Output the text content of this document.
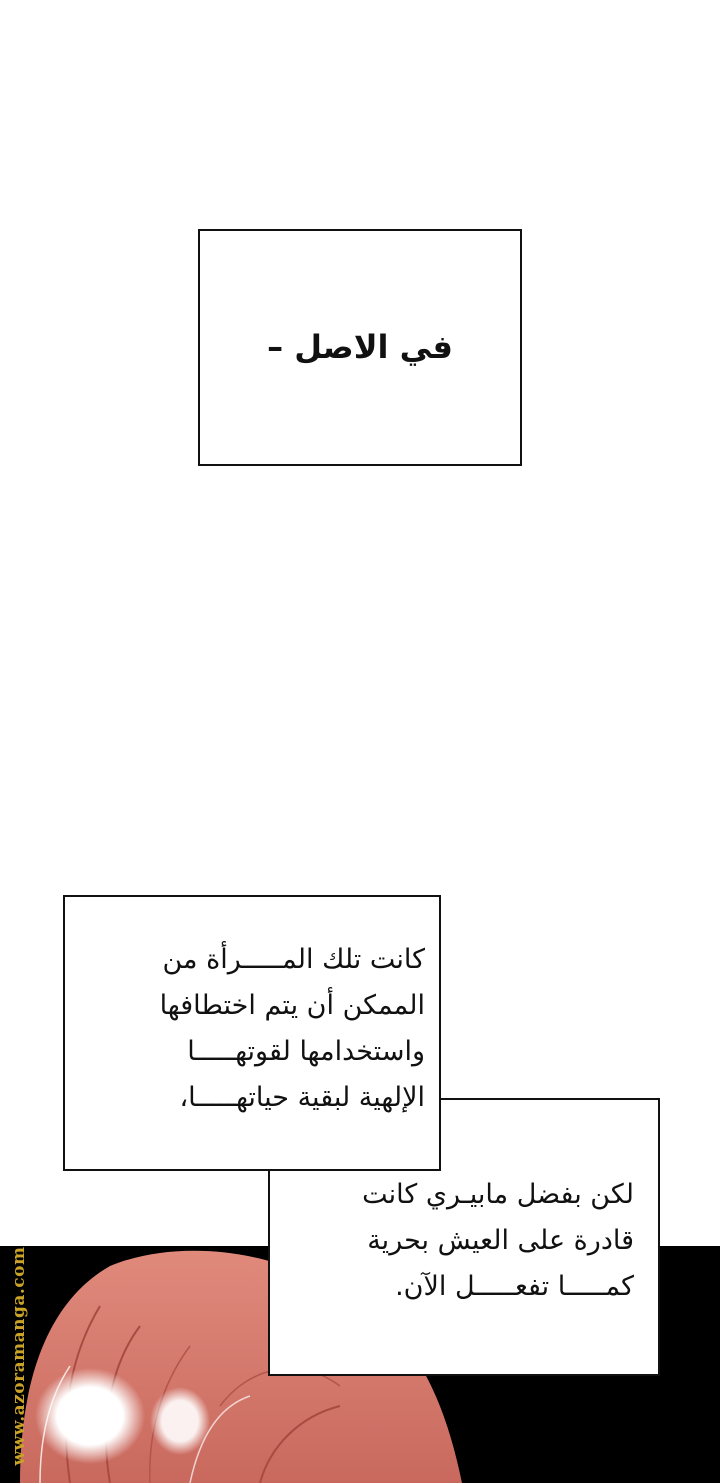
في الاصل –
لكن بفضل مابيـري كانت
قادرة على العيش بحرية
كمـــــا تفعـــــل الآن.
كانت تلك المـــــرأة من
الممكن أن يتم اختطافها
واستخدامها لقوتهـــــا
الإلهية لبقية حياتهـــــا،
www.azoramanga.com
